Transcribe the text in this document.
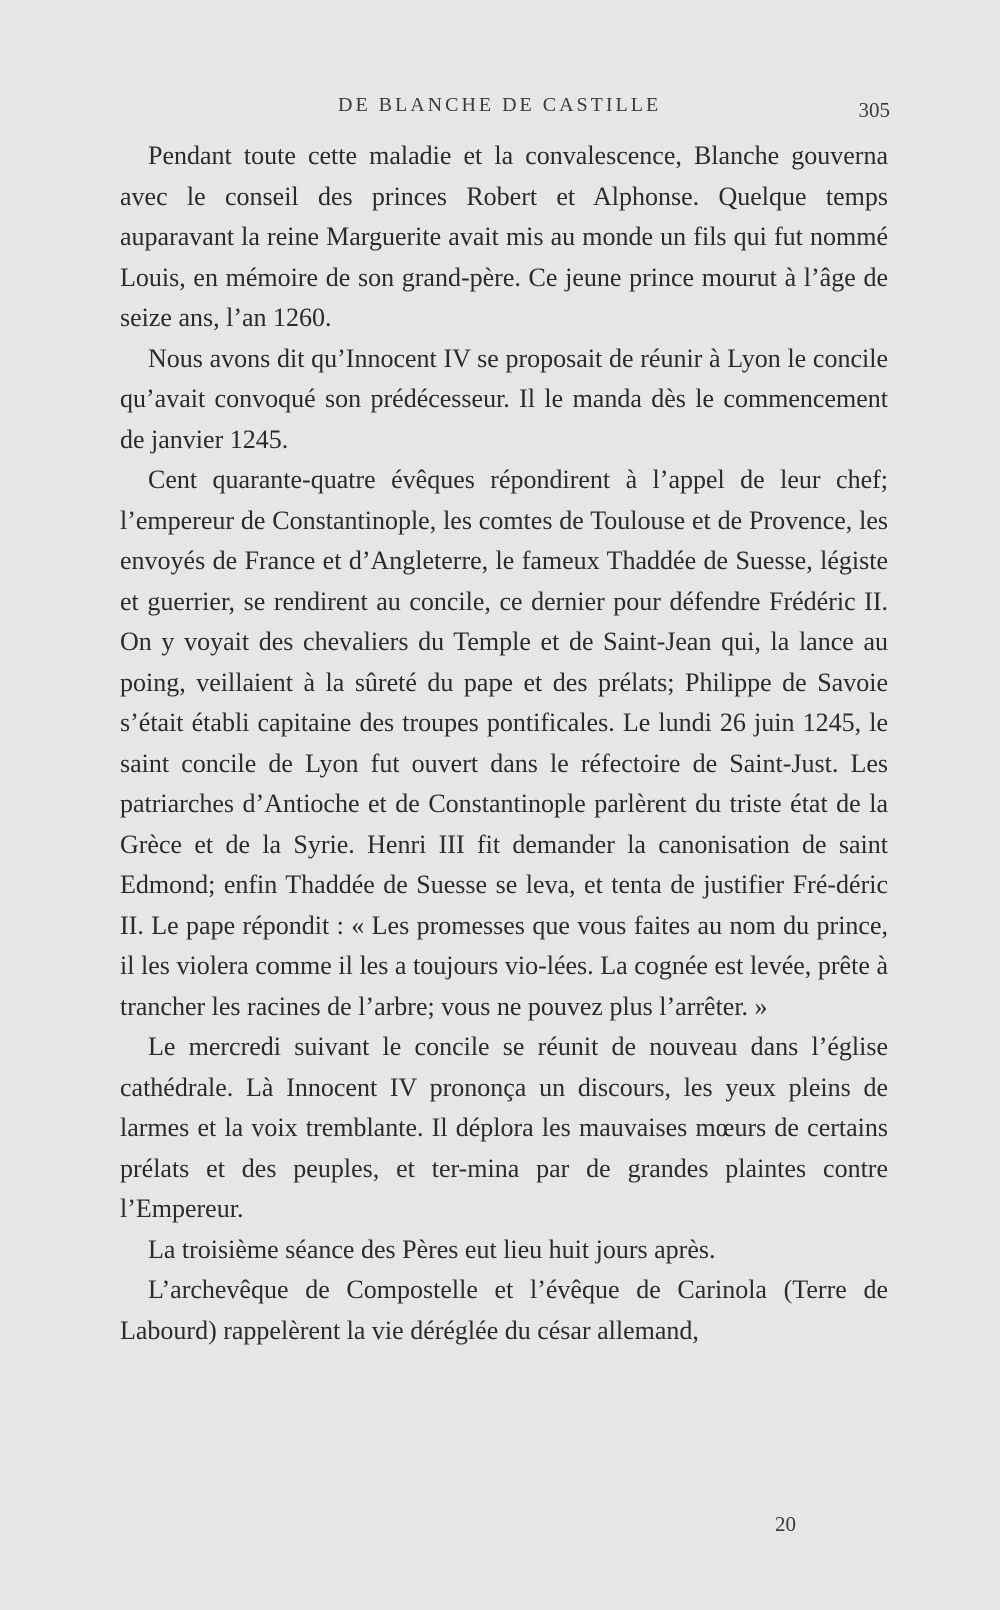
DE BLANCHE DE CASTILLE	305

Pendant toute cette maladie et la convalescence, Blanche gouverna avec le conseil des princes Robert et Alphonse. Quelque temps auparavant la reine Marguerite avait mis au monde un fils qui fut nommé Louis, en mémoire de son grand-père. Ce jeune prince mourut à l’âge de seize ans, l’an 1260.

Nous avons dit qu’Innocent IV se proposait de réunir à Lyon le concile qu’avait convoqué son prédécesseur. Il le manda dès le commencement de janvier 1245.

Cent quarante-quatre évêques répondirent à l’appel de leur chef; l’empereur de Constantinople, les comtes de Toulouse et de Provence, les envoyés de France et d’Angleterre, le fameux Thaddée de Suesse, légiste et guerrier, se rendirent au concile, ce dernier pour défendre Frédéric II. On y voyait des chevaliers du Temple et de Saint-Jean qui, la lance au poing, veillaient à la sûreté du pape et des prélats; Philippe de Savoie s’était établi capitaine des troupes pontificales. Le lundi 26 juin 1245, le saint concile de Lyon fut ouvert dans le réfectoire de Saint-Just. Les patriarches d’Antioche et de Constantinople parlèrent du triste état de la Grèce et de la Syrie. Henri III fit demander la canonisation de saint Edmond; enfin Thaddée de Suesse se leva, et tenta de justifier Fré-déric II. Le pape répondit : « Les promesses que vous faites au nom du prince, il les violera comme il les a toujours vio-lées. La cognée est levée, prête à trancher les racines de l’arbre; vous ne pouvez plus l’arrêter. »

Le mercredi suivant le concile se réunit de nouveau dans l’église cathédrale. Là Innocent IV prononça un discours, les yeux pleins de larmes et la voix tremblante. Il déplora les mauvaises mœurs de certains prélats et des peuples, et ter-mina par de grandes plaintes contre l’Empereur.

La troisième séance des Pères eut lieu huit jours après.

L’archevêque de Compostelle et l’évêque de Carinola (Terre de Labourd) rappelèrent la vie déréglée du césar allemand,

20
